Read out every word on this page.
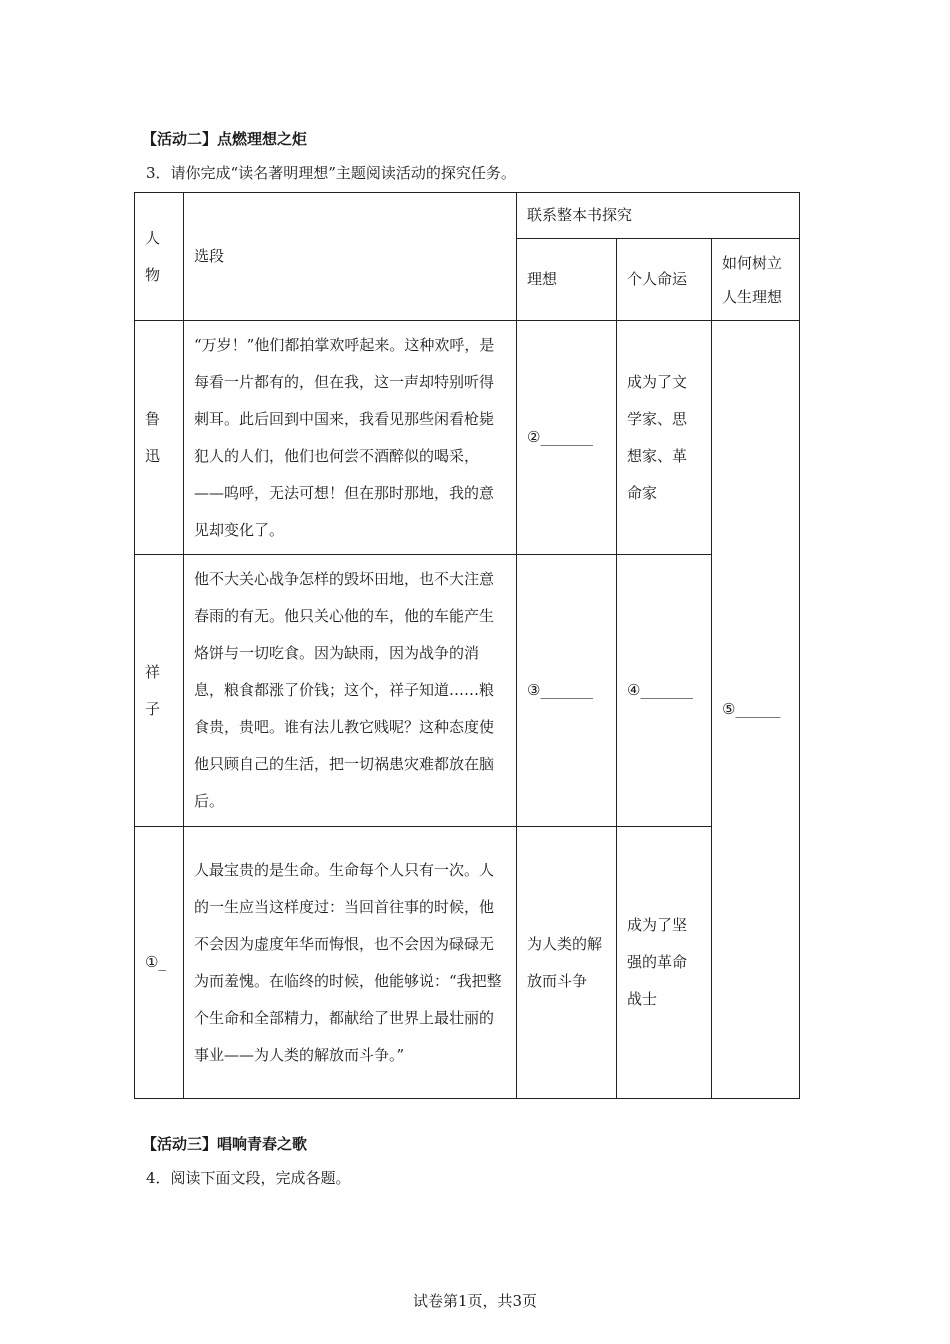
【活动二】点燃理想之炬
3．请你完成“读名著明理想”主题阅读活动的探究任务。
人物	选段	联系整本书探究		
		理想	个人命运	如何树立人生理想
鲁迅	“万岁！”他们都拍掌欢呼起来。这种欢呼，是每看一片都有的，但在我，这一声却特别听得刺耳。此后回到中国来，我看见那些闲看枪毙犯人的人们，他们也何尝不酒醉似的喝采，——呜呼，无法可想！但在那时那地，我的意见却变化了。	②_______	成为了文学家、思想家、革命家	⑤______
祥子	他不大关心战争怎样的毁坏田地，也不大注意春雨的有无。他只关心他的车，他的车能产生烙饼与一切吃食。因为缺雨，因为战争的消息，粮食都涨了价钱；这个，祥子知道……粮食贵，贵吧。谁有法儿教它贱呢？这种态度使他只顾自己的生活，把一切祸患灾难都放在脑后。	③_______	④_______	
①_	人最宝贵的是生命。生命每个人只有一次。人的一生应当这样度过：当回首往事的时候，他不会因为虚度年华而悔恨，也不会因为碌碌无为而羞愧。在临终的时候，他能够说：“我把整个生命和全部精力，都献给了世界上最壮丽的事业——为人类的解放而斗争。”	为人类的解放而斗争	成为了坚强的革命战士	
【活动三】唱响青春之歌
4．阅读下面文段，完成各题。
试卷第1页，共3页
